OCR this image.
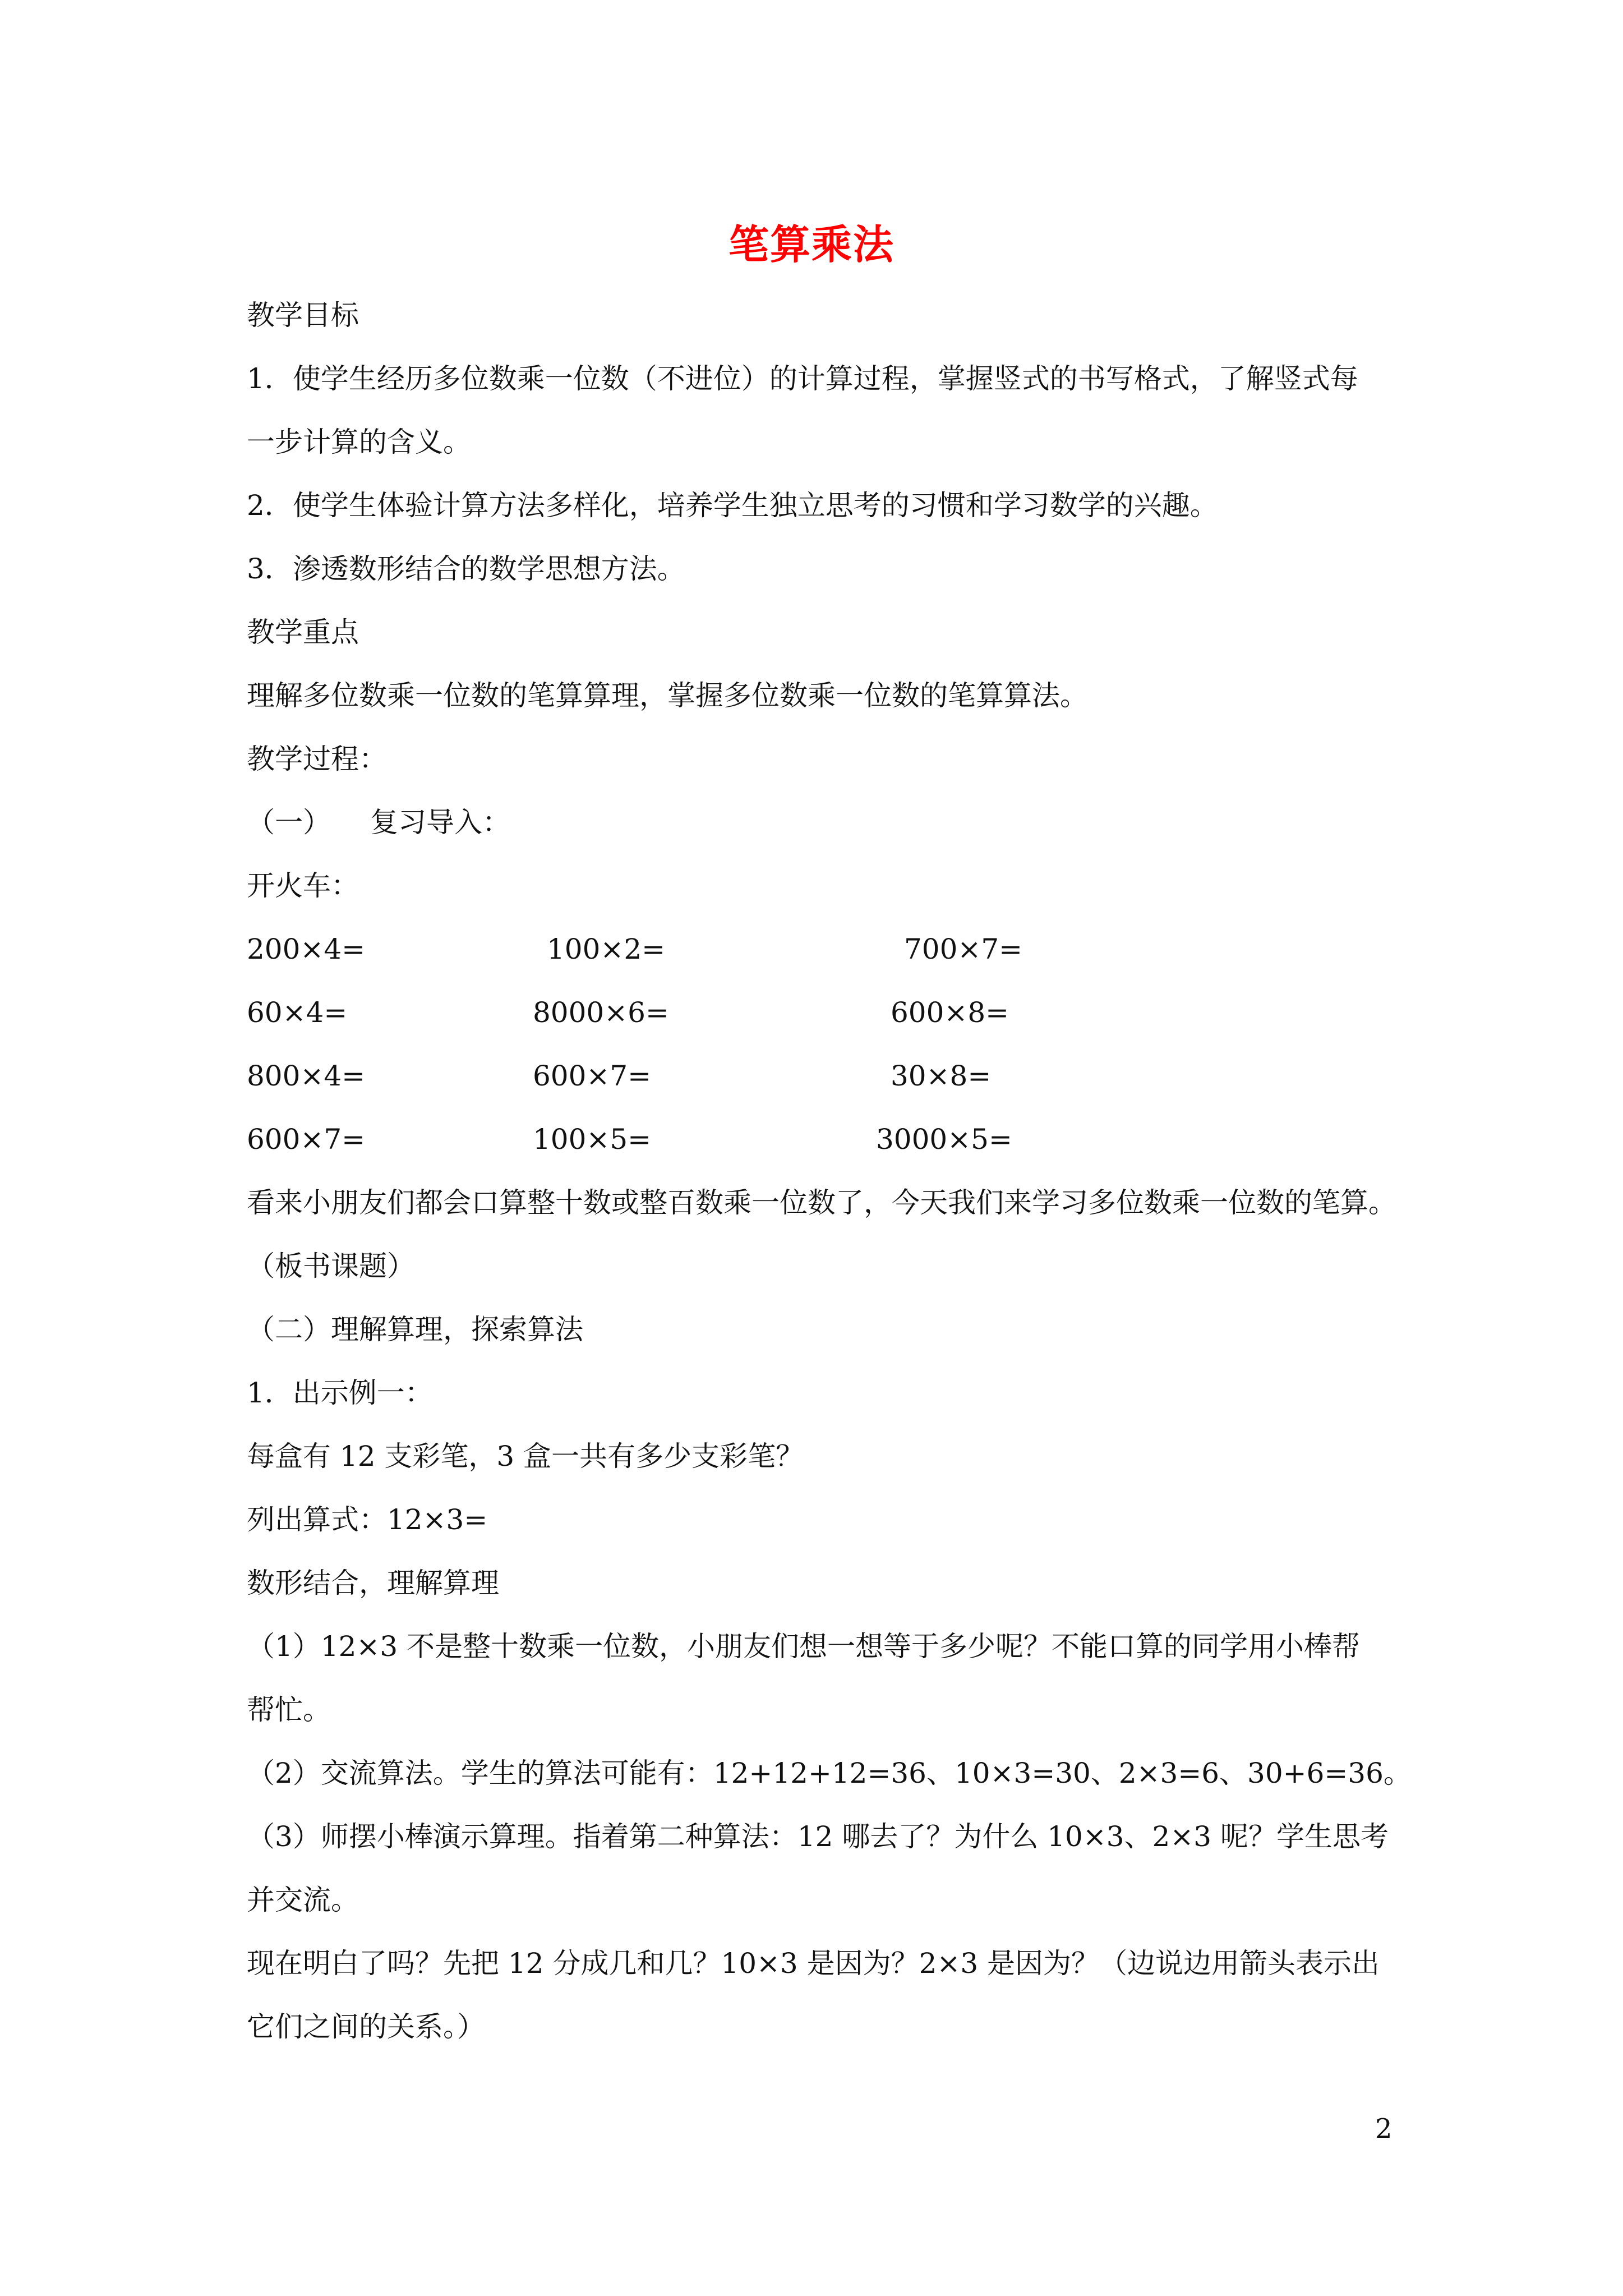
笔算乘法
教学目标
1．使学生经历多位数乘一位数（不进位）的计算过程，掌握竖式的书写格式，了解竖式每
一步计算的含义。
2．使学生体验计算方法多样化，培养学生独立思考的习惯和学习数学的兴趣。
3．渗透数形结合的数学思想方法。
教学重点
理解多位数乘一位数的笔算算理，掌握多位数乘一位数的笔算算法。
教学过程：
（一） 复习导入：
开火车：
200×4=	100×2=	700×7=
60×4=	8000×6=	600×8=
800×4=	600×7=	30×8=
600×7=	100×5=	3000×5=
看来小朋友们都会口算整十数或整百数乘一位数了，今天我们来学习多位数乘一位数的笔算。
（板书课题）
（二）理解算理，探索算法
1．出示例一：
每盒有 12 支彩笔，3 盒一共有多少支彩笔？
列出算式：12×3=
数形结合，理解算理
（1）12×3 不是整十数乘一位数，小朋友们想一想等于多少呢？不能口算的同学用小棒帮
帮忙。
（2）交流算法。学生的算法可能有：12+12+12=36、10×3=30、2×3=6、30+6=36。
（3）师摆小棒演示算理。指着第二种算法：12 哪去了？为什么 10×3、2×3 呢？学生思考
并交流。
现在明白了吗？先把 12 分成几和几？10×3 是因为？2×3 是因为？（边说边用箭头表示出
它们之间的关系。）
2
